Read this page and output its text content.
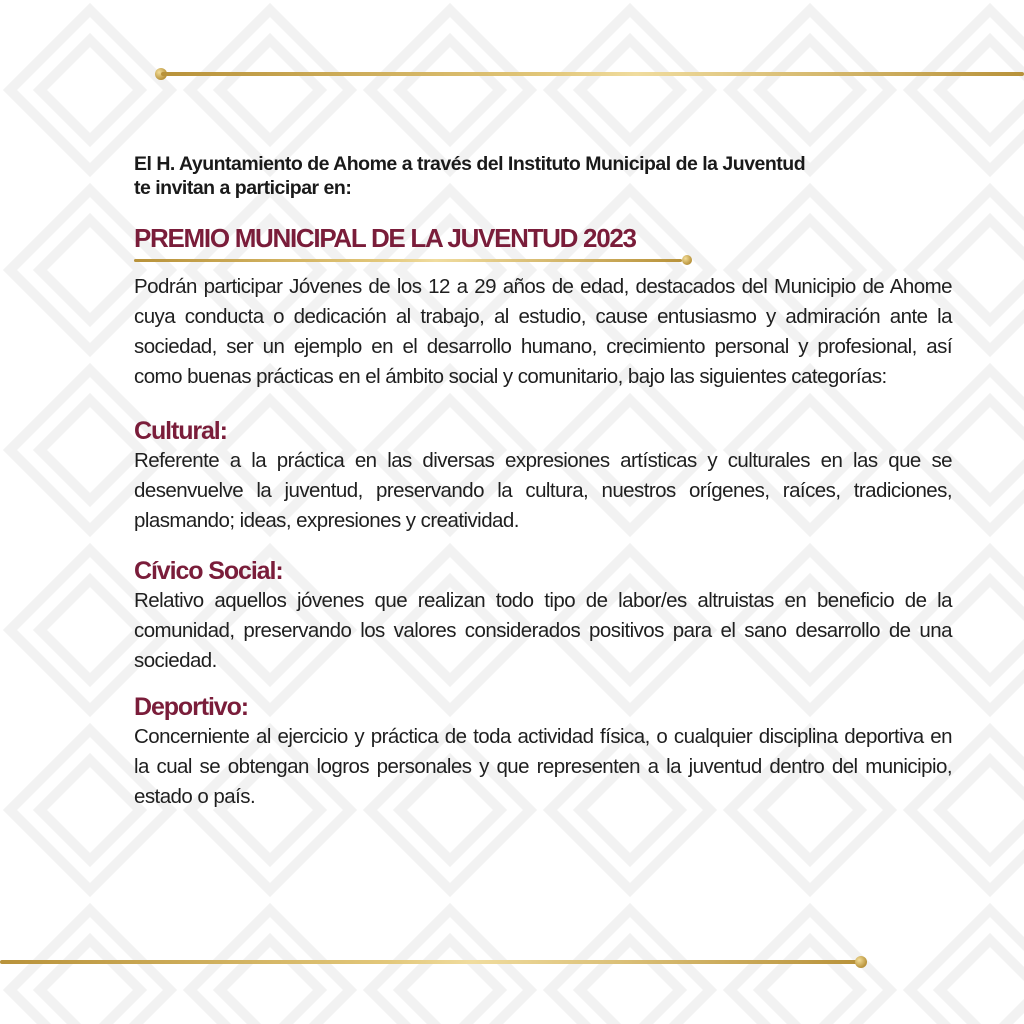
El H. Ayuntamiento de Ahome a través del Instituto Municipal de la Juventud
te invitan a participar en:

PREMIO MUNICIPAL DE LA JUVENTUD 2023

Podrán participar Jóvenes de los 12 a 29 años de edad, destacados del Municipio de Ahome cuya conducta o dedicación al trabajo, al estudio, cause entusiasmo y admiración ante la sociedad, ser un ejemplo en el desarrollo humano, crecimiento personal y profesional, así como buenas prácticas en el ámbito social y comunitario, bajo las siguientes categorías:

Cultural:

Referente a la práctica en las diversas expresiones artísticas y culturales en las que se desenvuelve la juventud, preservando la cultura, nuestros orígenes, raíces, tradiciones, plasmando; ideas, expresiones y creatividad.

Cívico Social:

Relativo aquellos jóvenes que realizan todo tipo de labor/es altruistas en beneficio de la comunidad, preservando los valores considerados positivos para el sano desarrollo de una sociedad.

Deportivo:

Concerniente al ejercicio y práctica de toda actividad física, o cualquier disciplina deportiva en la cual se obtengan logros personales y que representen a la juventud dentro del municipio, estado o país.
